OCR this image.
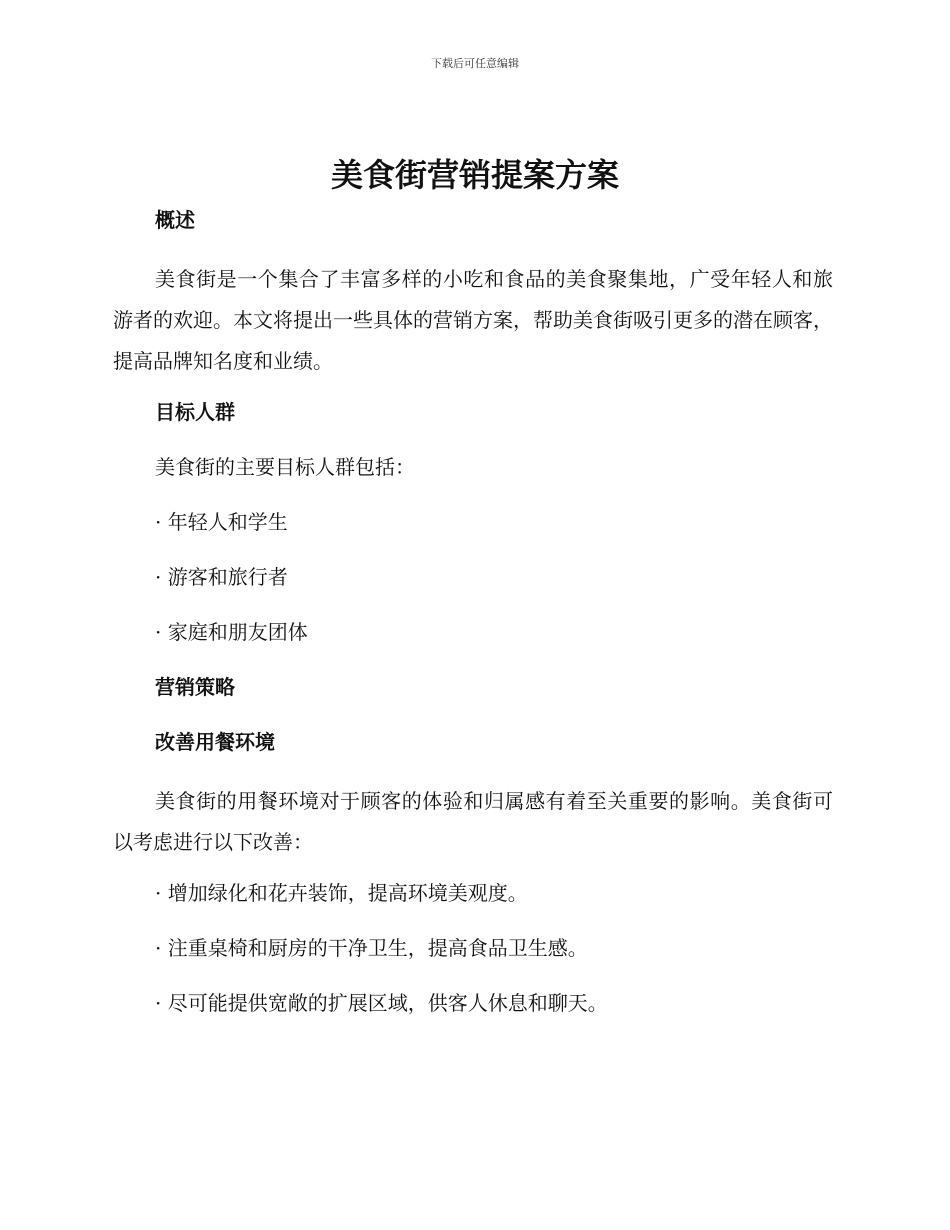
下载后可任意编辑
美食街营销提案方案
概述

美食街是一个集合了丰富多样的小吃和食品的美食聚集地，广受年轻人和旅游者的欢迎。本文将提出一些具体的营销方案，帮助美食街吸引更多的潜在顾客，提高品牌知名度和业绩。

目标人群
美食街的主要目标人群包括：
· 年轻人和学生
· 游客和旅行者
· 家庭和朋友团体
营销策略
改善用餐环境

美食街的用餐环境对于顾客的体验和归属感有着至关重要的影响。美食街可以考虑进行以下改善：

· 增加绿化和花卉装饰，提高环境美观度。
· 注重桌椅和厨房的干净卫生，提高食品卫生感。
· 尽可能提供宽敞的扩展区域，供客人休息和聊天。
